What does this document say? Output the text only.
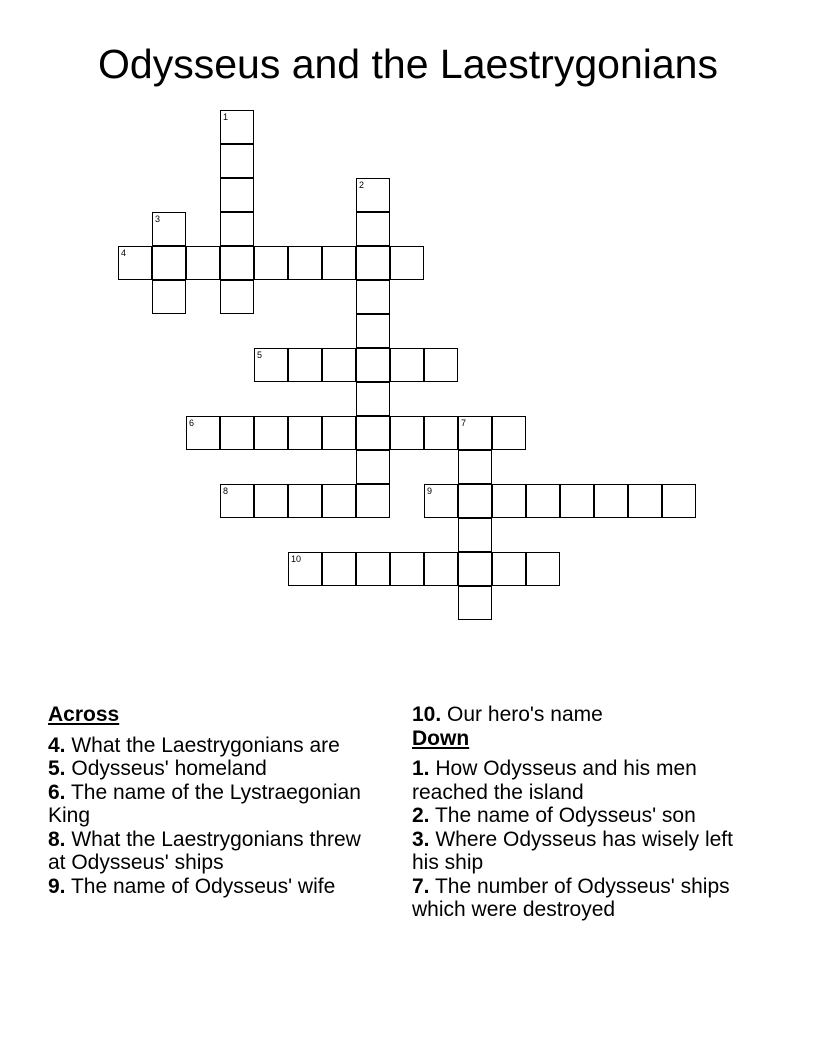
Odysseus and the Laestrygonians
1
2
3
4
5
6	7
8	9
10
Across
4. What the Laestrygonians are
5. Odysseus' homeland
6. The name of the Lystraegonian King
8. What the Laestrygonians threw at Odysseus' ships
9. The name of Odysseus' wife
10. Our hero's name
Down
1. How Odysseus and his men reached the island
2. The name of Odysseus' son
3. Where Odysseus has wisely left his ship
7. The number of Odysseus' ships which were destroyed
